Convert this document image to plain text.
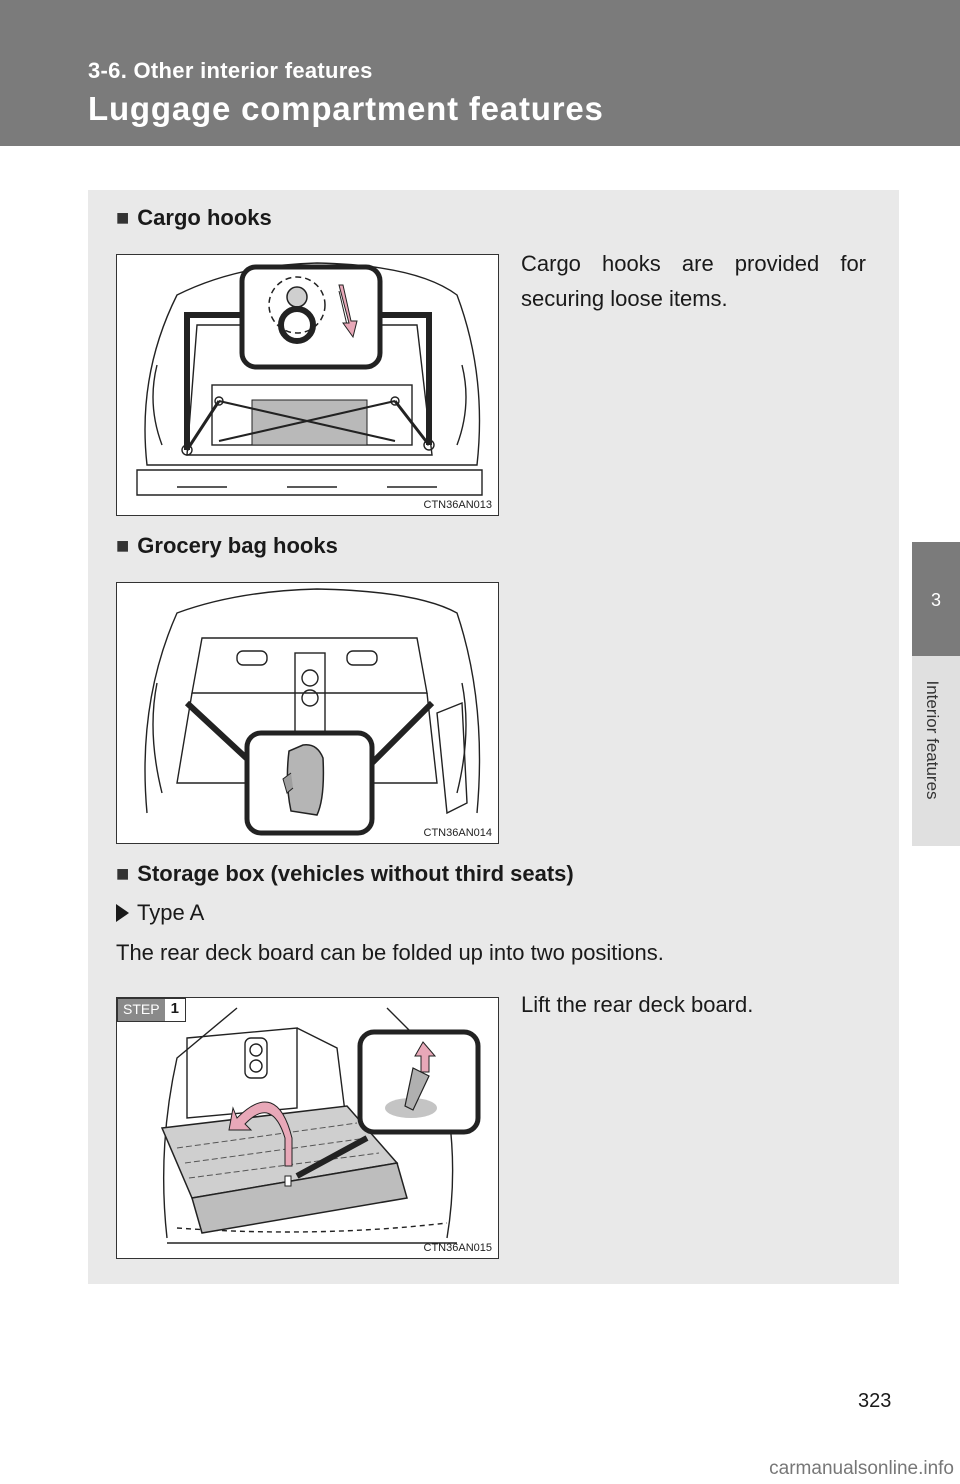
3-6. Other interior features
Luggage compartment features
3
Interior features
■ Cargo hooks
CTN36AN013
Cargo hooks are provided for securing loose items.
■ Grocery bag hooks
CTN36AN014
■ Storage box (vehicles without third seats)
Type A
The rear deck board can be folded up into two positions.
STEP 1
CTN36AN015
Lift the rear deck board.
323
carmanualsonline.info
